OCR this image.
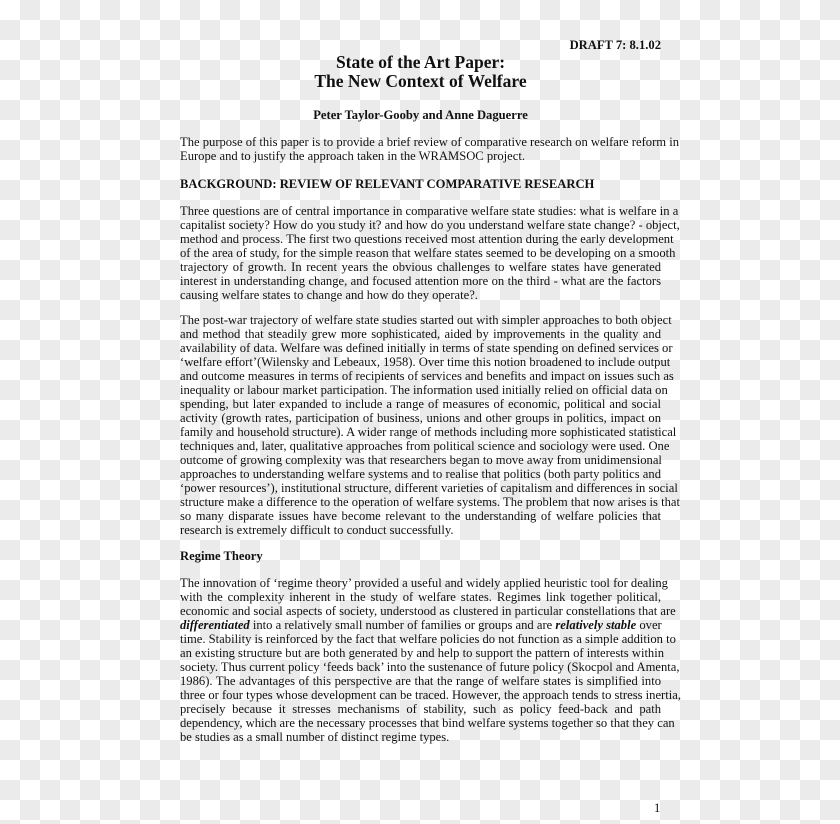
DRAFT 7: 8.1.02
State of the Art Paper:
The New Context of Welfare
Peter Taylor-Gooby and Anne Daguerre
The purpose of this paper is to provide a brief review of comparative research on welfare reform in
Europe and to justify the approach taken in the WRAMSOC project.
BACKGROUND: REVIEW OF RELEVANT COMPARATIVE RESEARCH
Three questions are of central importance in comparative welfare state studies: what is welfare in a
capitalist society? How do you study it? and how do you understand welfare state change? - object,
method and process. The first two questions received most attention during the early development
of the area of study, for the simple reason that welfare states seemed to be developing on a smooth
trajectory of growth. In recent years the obvious challenges to welfare states have generated
interest in understanding change, and focused attention more on the third - what are the factors
causing welfare states to change and how do they operate?.
The post-war trajectory of welfare state studies started out with simpler approaches to both object
and method that steadily grew more sophisticated, aided by improvements in the quality and
availability of data. Welfare was defined initially in terms of state spending on defined services or
‘welfare effort’(Wilensky and Lebeaux, 1958). Over time this notion broadened to include output
and outcome measures in terms of recipients of services and benefits and impact on issues such as
inequality or labour market participation. The information used initially relied on official data on
spending, but later expanded to include a range of measures of economic, political and social
activity (growth rates, participation of business, unions and other groups in politics, impact on
family and household structure). A wider range of methods including more sophisticated statistical
techniques and, later, qualitative approaches from political science and sociology were used. One
outcome of growing complexity was that researchers began to move away from unidimensional
approaches to understanding welfare systems and to realise that politics (both party politics and
‘power resources’), institutional structure, different varieties of capitalism and differences in social
structure make a difference to the operation of welfare systems. The problem that now arises is that
so many disparate issues have become relevant to the understanding of welfare policies that
research is extremely difficult to conduct successfully.
Regime Theory
The innovation of ‘regime theory’ provided a useful and widely applied heuristic tool for dealing
with the complexity inherent in the study of welfare states. Regimes link together political,
economic and social aspects of society, understood as clustered in particular constellations that are
differentiated into a relatively small number of families or groups and are relatively stable over
time. Stability is reinforced by the fact that welfare policies do not function as a simple addition to
an existing structure but are both generated by and help to support the pattern of interests within
society. Thus current policy ‘feeds back’ into the sustenance of future policy (Skocpol and Amenta,
1986). The advantages of this perspective are that the range of welfare states is simplified into
three or four types whose development can be traced. However, the approach tends to stress inertia,
precisely because it stresses mechanisms of stability, such as policy feed-back and path
dependency, which are the necessary processes that bind welfare systems together so that they can
be studies as a small number of distinct regime types.
1
